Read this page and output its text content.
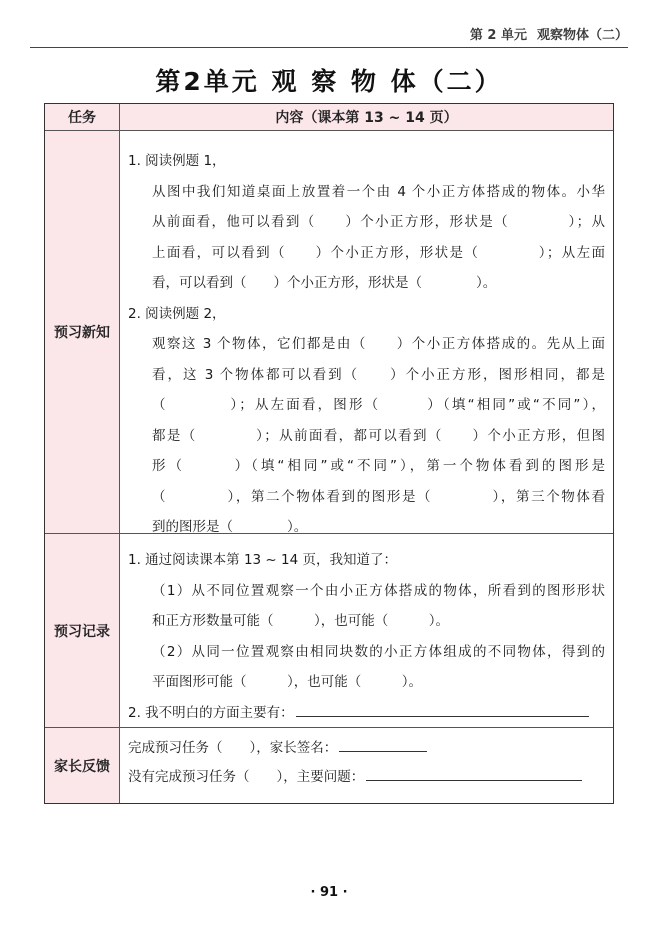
第 2 单元 观察物体（二）
第2单元 观 察 物 体（二）
任务	内容（课本第 13 ~ 14 页）
预习新知
1. 阅读例题 1，
从图中我们知道桌面上放置着一个由 4 个小正方体搭成的物体。小华
从前面看，他可以看到（　　）个小正方形，形状是（　　　　）；从
上面看，可以看到（　　）个小正方形，形状是（　　　　）；从左面
看，可以看到（　　）个小正方形，形状是（　　　　）。
2. 阅读例题 2，
观察这 3 个物体，它们都是由（　　）个小正方体搭成的。先从上面
看，这 3 个物体都可以看到（　　）个小正方形，图形相同，都是
（　　　　）；从左面看，图形（　　　）（填“相同”或“不同”），
都是（　　　　）；从前面看，都可以看到（　　）个小正方形，但图
形（　　　）（填“相同”或“不同”），第一个物体看到的图形是
（　　　　），第二个物体看到的图形是（　　　　），第三个物体看
到的图形是（　　　　）。
预习记录
1. 通过阅读课本第 13 ~ 14 页，我知道了：
（1）从不同位置观察一个由小正方体搭成的物体，所看到的图形形状
和正方形数量可能（　　　），也可能（　　　）。
（2）从同一位置观察由相同块数的小正方体组成的不同物体，得到的
平面图形可能（　　　），也可能（　　　）。
2. 我不明白的方面主要有：
家长反馈
完成预习任务（　　），家长签名：
没有完成预习任务（　　），主要问题：
· 91 ·
